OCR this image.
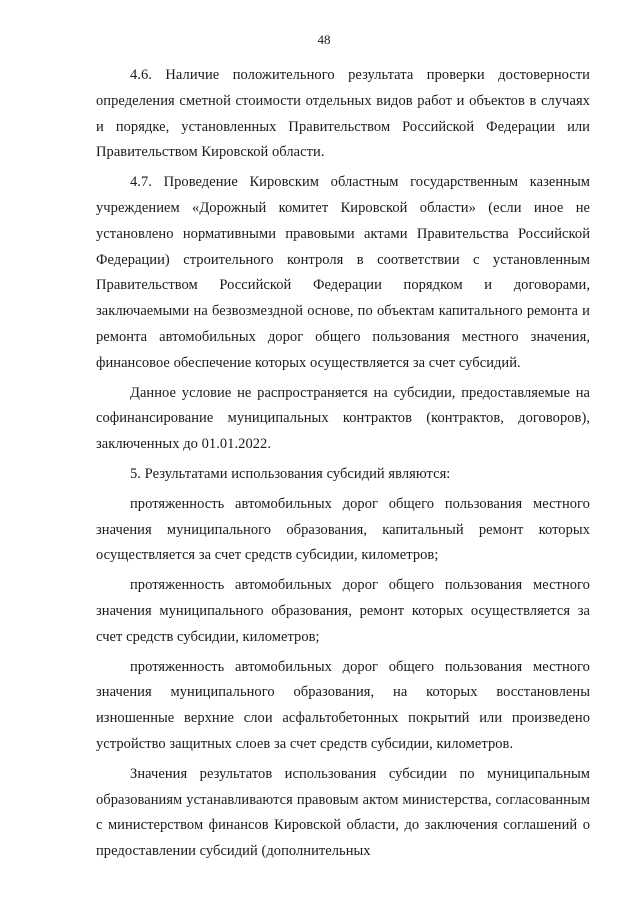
48

4.6. Наличие положительного результата проверки достоверности определения сметной стоимости отдельных видов работ и объектов в случаях и порядке, установленных Правительством Российской Федерации или Правительством Кировской области.

4.7. Проведение Кировским областным государственным казенным учреждением «Дорожный комитет Кировской области» (если иное не установлено нормативными правовыми актами Правительства Российской Федерации) строительного контроля в соответствии с установленным Правительством Российской Федерации порядком и договорами, заключаемыми на безвозмездной основе, по объектам капитального ремонта и ремонта автомобильных дорог общего пользования местного значения, финансовое обеспечение которых осуществляется за счет субсидий.

Данное условие не распространяется на субсидии, предоставляемые на софинансирование муниципальных контрактов (контрактов, договоров), заключенных до 01.01.2022.

5. Результатами использования субсидий являются:

протяженность автомобильных дорог общего пользования местного значения муниципального образования, капитальный ремонт которых осуществляется за счет средств субсидии, километров;

протяженность автомобильных дорог общего пользования местного значения муниципального образования, ремонт которых осуществляется за счет средств субсидии, километров;

протяженность автомобильных дорог общего пользования местного значения муниципального образования, на которых восстановлены изношенные верхние слои асфальтобетонных покрытий или произведено устройство защитных слоев за счет средств субсидии, километров.

Значения результатов использования субсидии по муниципальным образованиям устанавливаются правовым актом министерства, согласованным с министерством финансов Кировской области, до заключения соглашений о предоставлении субсидий (дополнительных
